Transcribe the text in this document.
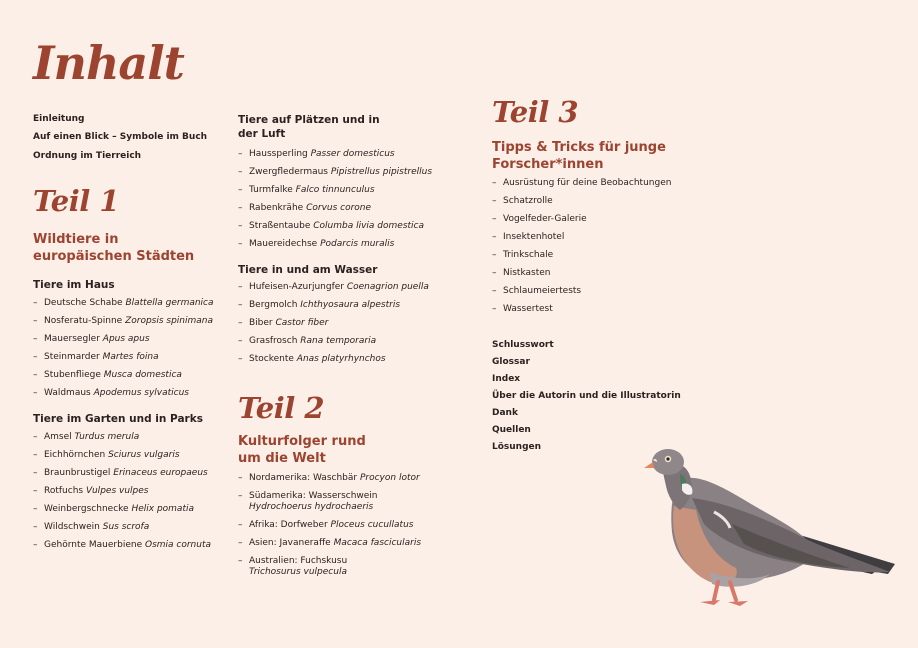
Inhalt
Einleitung
Auf einen Blick – Symbole im Buch
Ordnung im Tierreich
Teil 1
Wildtiere in
europäischen Städten
Tiere im Haus
– Deutsche Schabe Blattella germanica
– Nosferatu-Spinne Zoropsis spinimana
– Mauersegler Apus apus
– Steinmarder Martes foina
– Stubenfliege Musca domestica
– Waldmaus Apodemus sylvaticus
Tiere im Garten und in Parks
– Amsel Turdus merula
– Eichhörnchen Sciurus vulgaris
– Braunbrustigel Erinaceus europaeus
– Rotfuchs Vulpes vulpes
– Weinbergschnecke Helix pomatia
– Wildschwein Sus scrofa
– Gehörnte Mauerbiene Osmia cornuta
Tiere auf Plätzen und in
der Luft
– Haussperling Passer domesticus
– Zwergfledermaus Pipistrellus pipistrellus
– Turmfalke Falco tinnunculus
– Rabenkrähe Corvus corone
– Straßentaube Columba livia domestica
– Mauereidechse Podarcis muralis
Tiere in und am Wasser
– Hufeisen-Azurjungfer Coenagrion puella
– Bergmolch Ichthyosaura alpestris
– Biber Castor fiber
– Grasfrosch Rana temporaria
– Stockente Anas platyrhynchos
Teil 2
Kulturfolger rund
um die Welt
– Nordamerika: Waschbär Procyon lotor
– Südamerika: Wasserschwein Hydrochoerus hydrochaeris
– Afrika: Dorfweber Ploceus cucullatus
– Asien: Javaneraffe Macaca fascicularis
– Australien: Fuchskusu Trichosurus vulpecula
Teil 3
Tipps & Tricks für junge
Forscher*innen
– Ausrüstung für deine Beobachtungen
– Schatzrolle
– Vogelfeder-Galerie
– Insektenhotel
– Trinkschale
– Nistkasten
– Schlaumeiertests
– Wassertest
Schlusswort
Glossar
Index
Über die Autorin und die Illustratorin
Dank
Quellen
Lösungen
